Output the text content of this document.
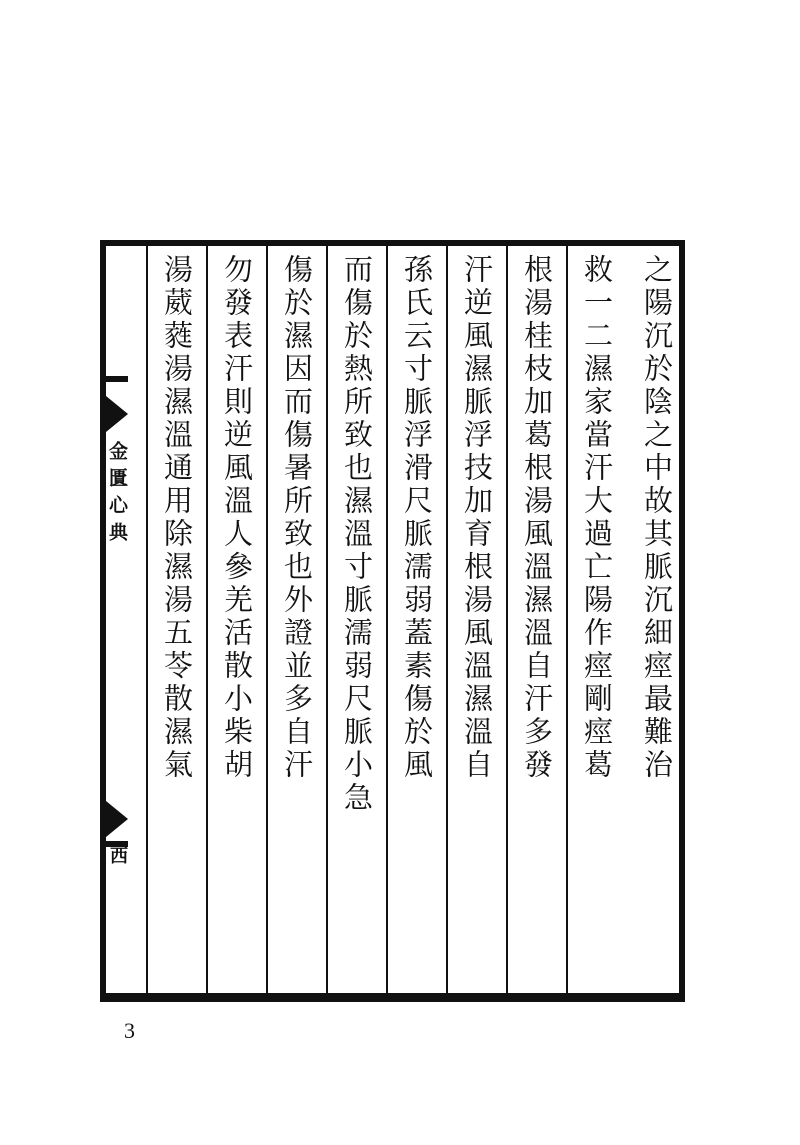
之陽沉於陰之中故其脈沉細痙最難治
救一二濕家當汗大過亡陽作痙剛痙葛
根湯桂枝加葛根湯風溫濕溫自汗多發
汗逆風濕脈浮技加育根湯風溫濕溫自
孫氏云寸脈浮滑尺脈濡弱蓋素傷於風
而傷於熱所致也濕溫寸脈濡弱尺脈小急
傷於濕因而傷暑所致也外證並多自汗
勿發表汗則逆風溫人參羌活散小柴胡
湯葳蕤湯濕溫通用除濕湯五苓散濕氣
金匱心典
西
3
